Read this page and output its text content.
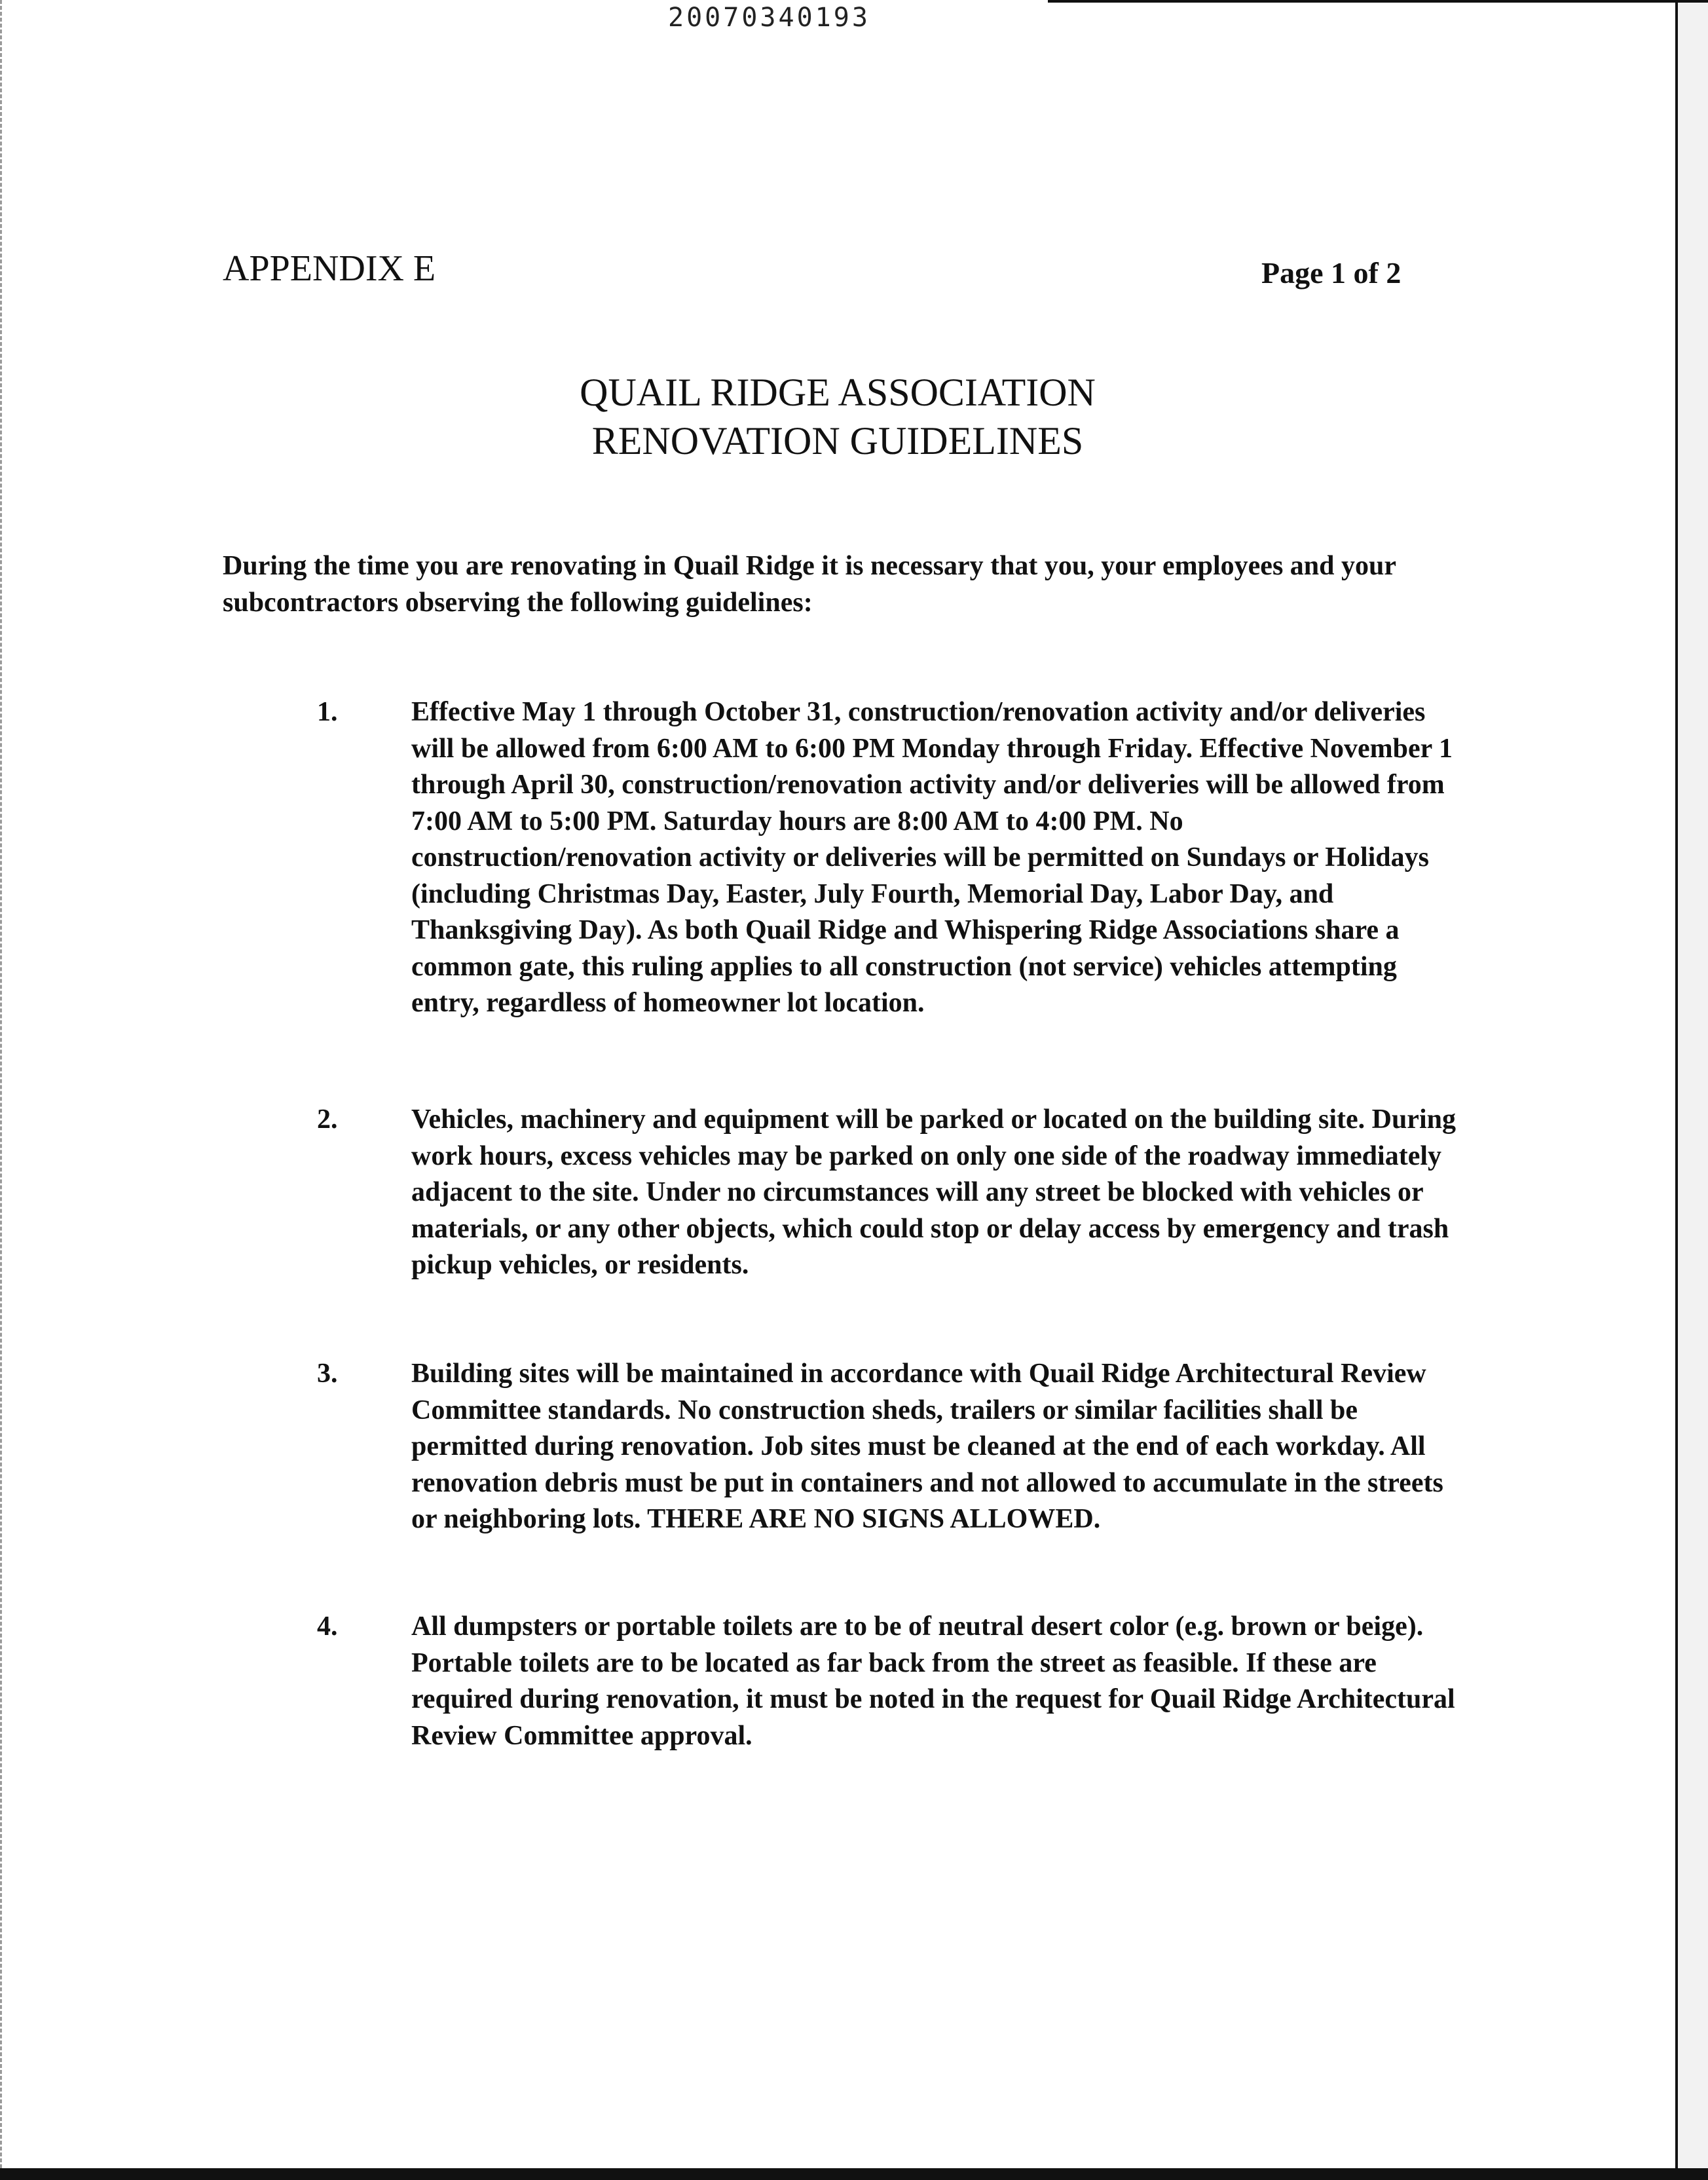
20070340193

APPENDIX E	Page 1 of 2

QUAIL RIDGE ASSOCIATION
RENOVATION GUIDELINES

During the time you are renovating in Quail Ridge it is necessary that you, your employees and your subcontractors observing the following guidelines:

1.	Effective May 1 through October 31, construction/renovation activity and/or deliveries will be allowed from 6:00 AM to 6:00 PM Monday through Friday. Effective November 1 through April 30, construction/renovation activity and/or deliveries will be allowed from 7:00 AM to 5:00 PM. Saturday hours are 8:00 AM to 4:00 PM. No construction/renovation activity or deliveries will be permitted on Sundays or Holidays (including Christmas Day, Easter, July Fourth, Memorial Day, Labor Day, and Thanksgiving Day). As both Quail Ridge and Whispering Ridge Associations share a common gate, this ruling applies to all construction (not service) vehicles attempting entry, regardless of homeowner lot location.

2.	Vehicles, machinery and equipment will be parked or located on the building site. During work hours, excess vehicles may be parked on only one side of the roadway immediately adjacent to the site. Under no circumstances will any street be blocked with vehicles or materials, or any other objects, which could stop or delay access by emergency and trash pickup vehicles, or residents.

3.	Building sites will be maintained in accordance with Quail Ridge Architectural Review Committee standards. No construction sheds, trailers or similar facilities shall be permitted during renovation. Job sites must be cleaned at the end of each workday. All renovation debris must be put in containers and not allowed to accumulate in the streets or neighboring lots. THERE ARE NO SIGNS ALLOWED.

4.	All dumpsters or portable toilets are to be of neutral desert color (e.g. brown or beige). Portable toilets are to be located as far back from the street as feasible. If these are required during renovation, it must be noted in the request for Quail Ridge Architectural Review Committee approval.
